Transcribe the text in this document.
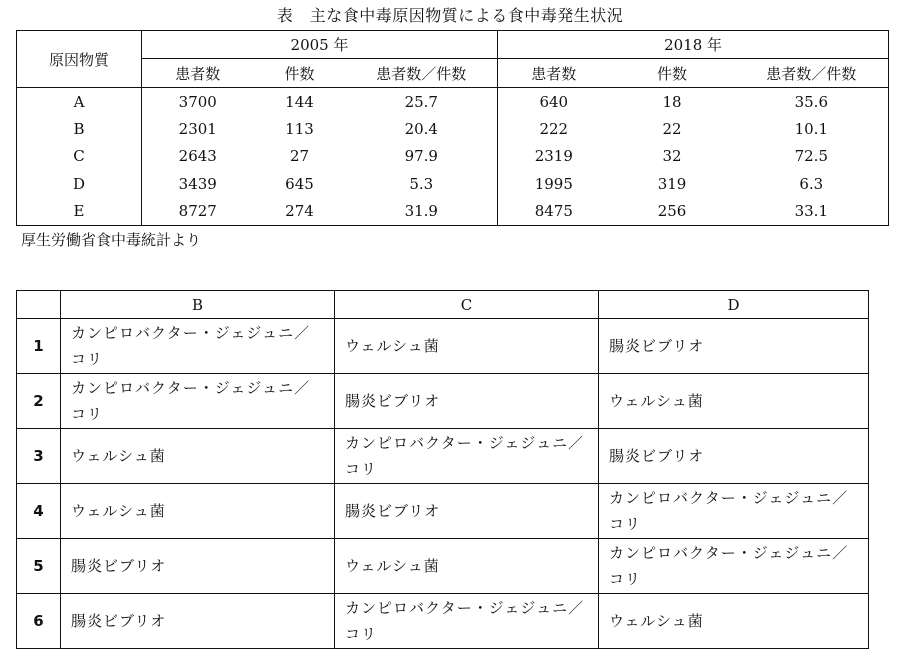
表　主な食中毒原因物質による食中毒発生状況
原因物質	2005 年			2018 年		
	患者数	件数	患者数／件数	患者数	件数	患者数／件数
A	3700	144	25.7	640	18	35.6
B	2301	113	20.4	222	22	10.1
C	2643	27	97.9	2319	32	72.5
D	3439	645	5.3	1995	319	6.3
E	8727	274	31.9	8475	256	33.1
厚生労働省食中毒統計より
	B	C	D
1	カンピロバクター・ジェジュニ／コリ	ウェルシュ菌	腸炎ビブリオ
2	カンピロバクター・ジェジュニ／コリ	腸炎ビブリオ	ウェルシュ菌
3	ウェルシュ菌	カンピロバクター・ジェジュニ／コリ	腸炎ビブリオ
4	ウェルシュ菌	腸炎ビブリオ	カンピロバクター・ジェジュニ／コリ
5	腸炎ビブリオ	ウェルシュ菌	カンピロバクター・ジェジュニ／コリ
6	腸炎ビブリオ	カンピロバクター・ジェジュニ／コリ	ウェルシュ菌
